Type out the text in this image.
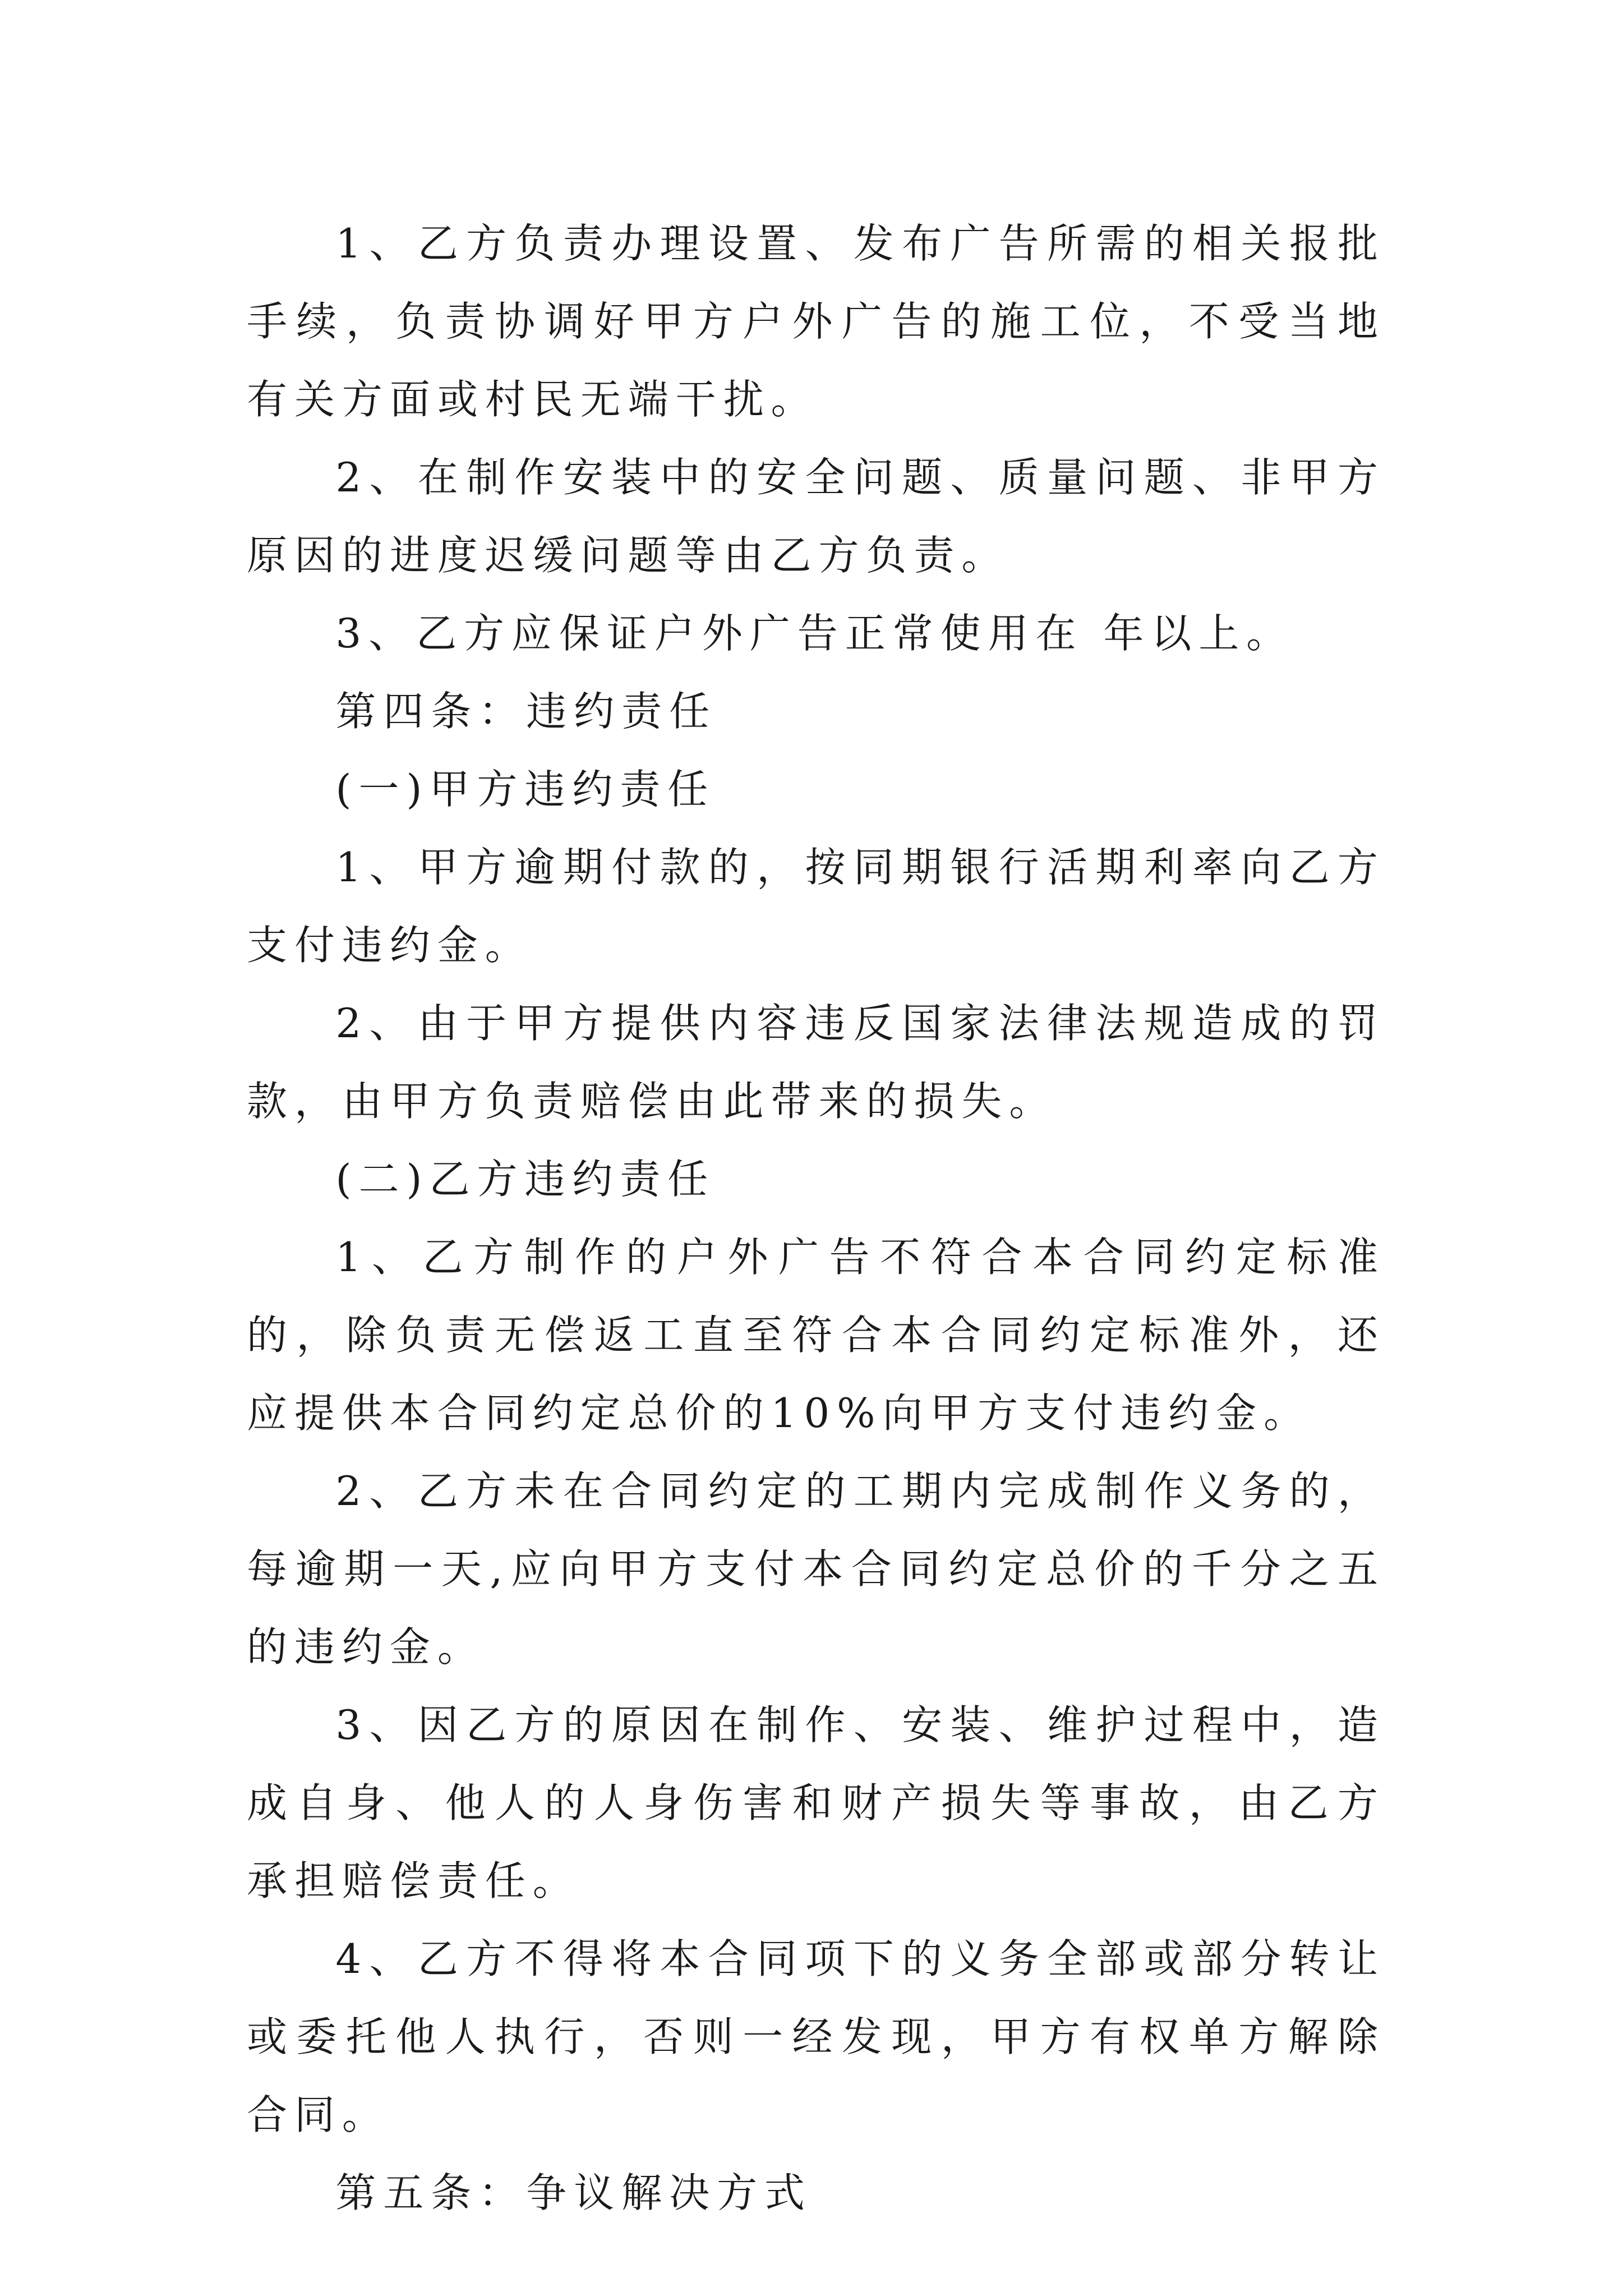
1、乙方负责办理设置、发布广告所需的相关报批手续，负责协调好甲方户外广告的施工位，不受当地有关方面或村民无端干扰。

2、在制作安装中的安全问题、质量问题、非甲方原因的进度迟缓问题等由乙方负责。

3、乙方应保证户外广告正常使用在 年以上。

第四条：违约责任

(一)甲方违约责任

1、甲方逾期付款的，按同期银行活期利率向乙方支付违约金。

2、由于甲方提供内容违反国家法律法规造成的罚款，由甲方负责赔偿由此带来的损失。

(二)乙方违约责任

1、乙方制作的户外广告不符合本合同约定标准的，除负责无偿返工直至符合本合同约定标准外，还应提供本合同约定总价的10%向甲方支付违约金。

2、乙方未在合同约定的工期内完成制作义务的，每逾期一天,应向甲方支付本合同约定总价的千分之五的违约金。

3、因乙方的原因在制作、安装、维护过程中，造成自身、他人的人身伤害和财产损失等事故，由乙方承担赔偿责任。

4、乙方不得将本合同项下的义务全部或部分转让或委托他人执行，否则一经发现，甲方有权单方解除合同。

第五条：争议解决方式
